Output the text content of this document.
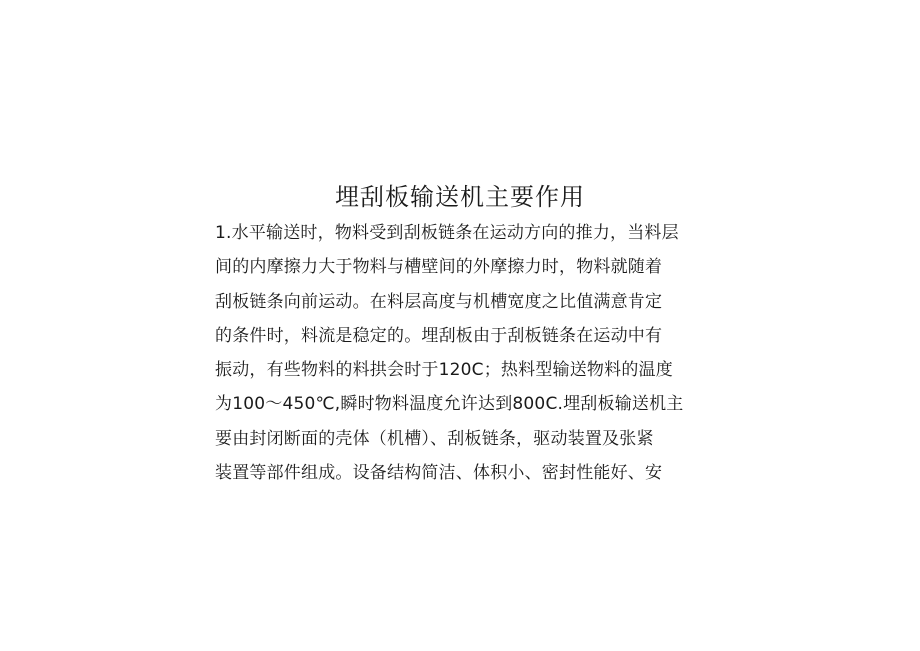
埋刮板输送机主要作用
1.水平输送时，物料受到刮板链条在运动方向的推力，当料层
间的内摩擦力大于物料与槽壁间的外摩擦力时，物料就随着
刮板链条向前运动。在料层高度与机槽宽度之比值满意肯定
的条件时，料流是稳定的。埋刮板由于刮板链条在运动中有
振动，有些物料的料拱会时于120C；热料型输送物料的温度
为100～450℃,瞬时物料温度允许达到800C.埋刮板输送机主
要由封闭断面的壳体（机槽）、刮板链条，驱动装置及张紧
装置等部件组成。设备结构简洁、体积小、密封性能好、安
